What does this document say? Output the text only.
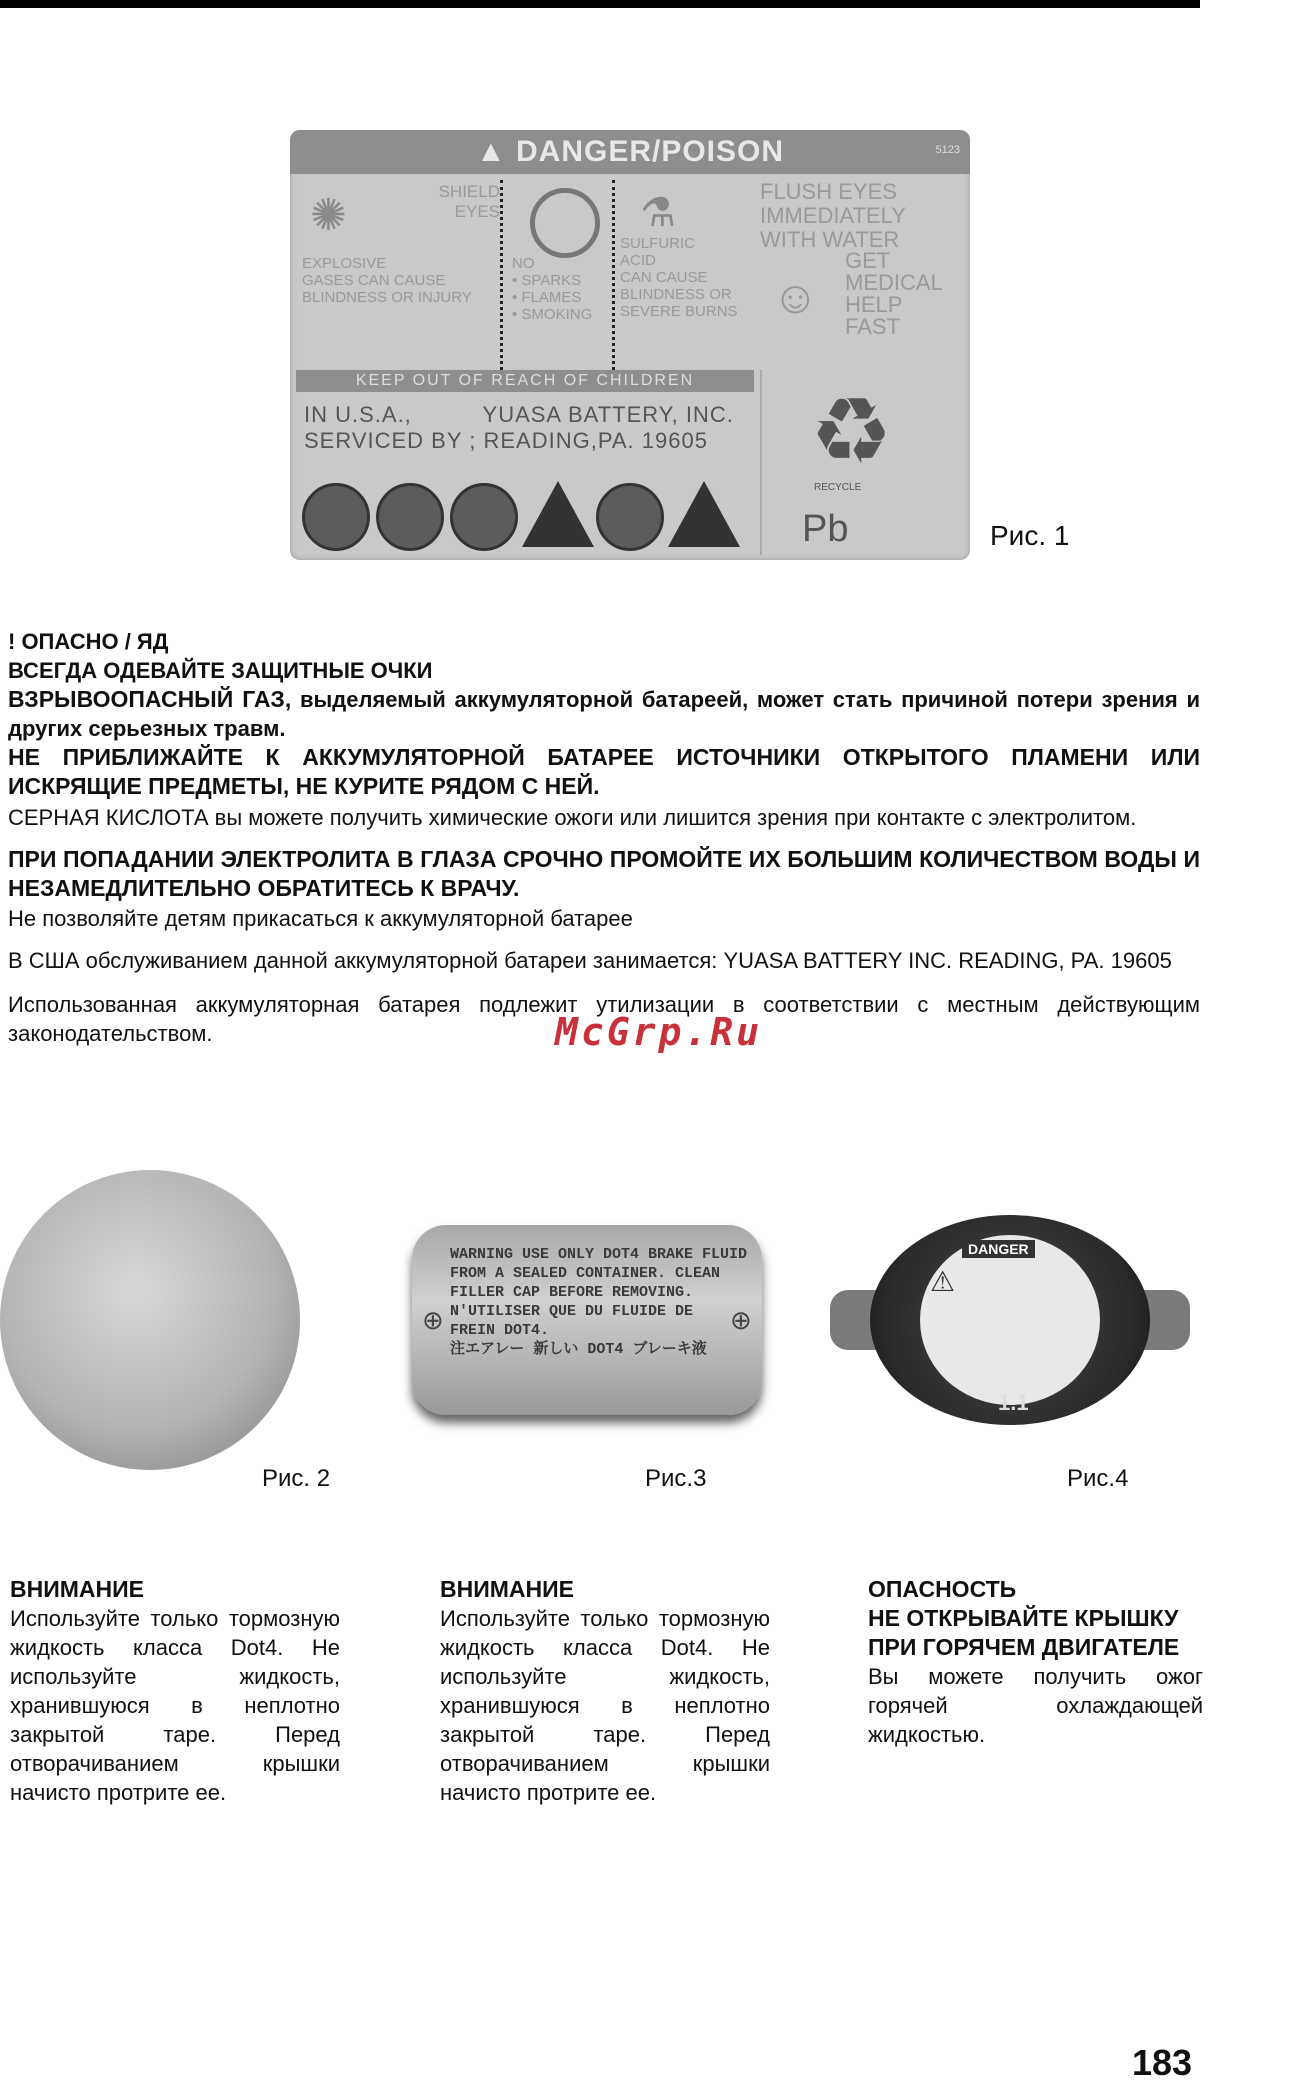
▲ DANGER/POISON	5123
SHIELD
EYES
EXPLOSIVE
GASES CAN CAUSE
BLINDNESS OR INJURY
NO
• SPARKS
• FLAMES
• SMOKING
SULFURIC
ACID
CAN CAUSE
BLINDNESS OR
SEVERE BURNS
✺	⚗	FLUSH EYES
IMMEDIATELY
WITH WATER
GET
MEDICAL
HELP
FAST
☺
KEEP OUT OF REACH OF CHILDREN
IN U.S.A.,          YUASA BATTERY, INC.
SERVICED BY ; READING,PA. 19605	♻
RECYCLE
Pb	Рис. 1
! ОПАСНО / ЯД
ВСЕГДА ОДЕВАЙТЕ ЗАЩИТНЫЕ ОЧКИ
ВЗРЫВООПАСНЫЙ ГАЗ, выделяемый аккумуляторной батареей, может стать причиной потери зрения и других серьезных травм.
НЕ ПРИБЛИЖАЙТЕ К АККУМУЛЯТОРНОЙ БАТАРЕЕ ИСТОЧНИКИ ОТКРЫТОГО ПЛАМЕНИ ИЛИ ИСКРЯЩИЕ ПРЕДМЕТЫ, НЕ КУРИТЕ РЯДОМ С НЕЙ.
СЕРНАЯ КИСЛОТА вы можете получить химические ожоги или лишится зрения при контакте с электролитом.
ПРИ ПОПАДАНИИ ЭЛЕКТРОЛИТА В ГЛАЗА СРОЧНО ПРОМОЙТЕ ИХ БОЛЬШИМ КОЛИЧЕСТВОМ ВОДЫ И НЕЗАМЕДЛИТЕЛЬНО ОБРАТИТЕСЬ К ВРАЧУ.
Не позволяйте детям прикасаться к аккумуляторной батарее
В США обслуживанием данной аккумуляторной батареи занимается: YUASA BATTERY INC. READING, PA. 19605
Использованная аккумуляторная батарея подлежит утилизации в соответствии с местным действующим законодательством.	McGrp.Ru
Рис. 2
WARNING USE ONLY DOT4 BRAKE FLUID
FROM A SEALED CONTAINER. CLEAN
FILLER CAP BEFORE REMOVING.
N'UTILISER QUE DU FLUIDE DE
FREIN DOT4.
注エアレー 新しい DOT4 ブレーキ液
⊕	⊕
Рис.3
DANGER
⚠
1.1
Рис.4
ВНИМАНИЕ
Используйте только тормозную жидкость класса Dot4. Не используйте жидкость, хранившуюся в неплотно закрытой таре. Перед отворачиванием крышки начисто протрите ее.
ВНИМАНИЕ
Используйте только тормозную жидкость класса Dot4. Не используйте жидкость, хранившуюся в неплотно закрытой таре. Перед отворачиванием крышки начисто протрите ее.
ОПАСНОСТЬ
НЕ ОТКРЫВАЙТЕ КРЫШКУ
ПРИ ГОРЯЧЕМ ДВИГАТЕЛЕ
Вы можете получить ожог горячей охлаждающей жидкостью.
183
